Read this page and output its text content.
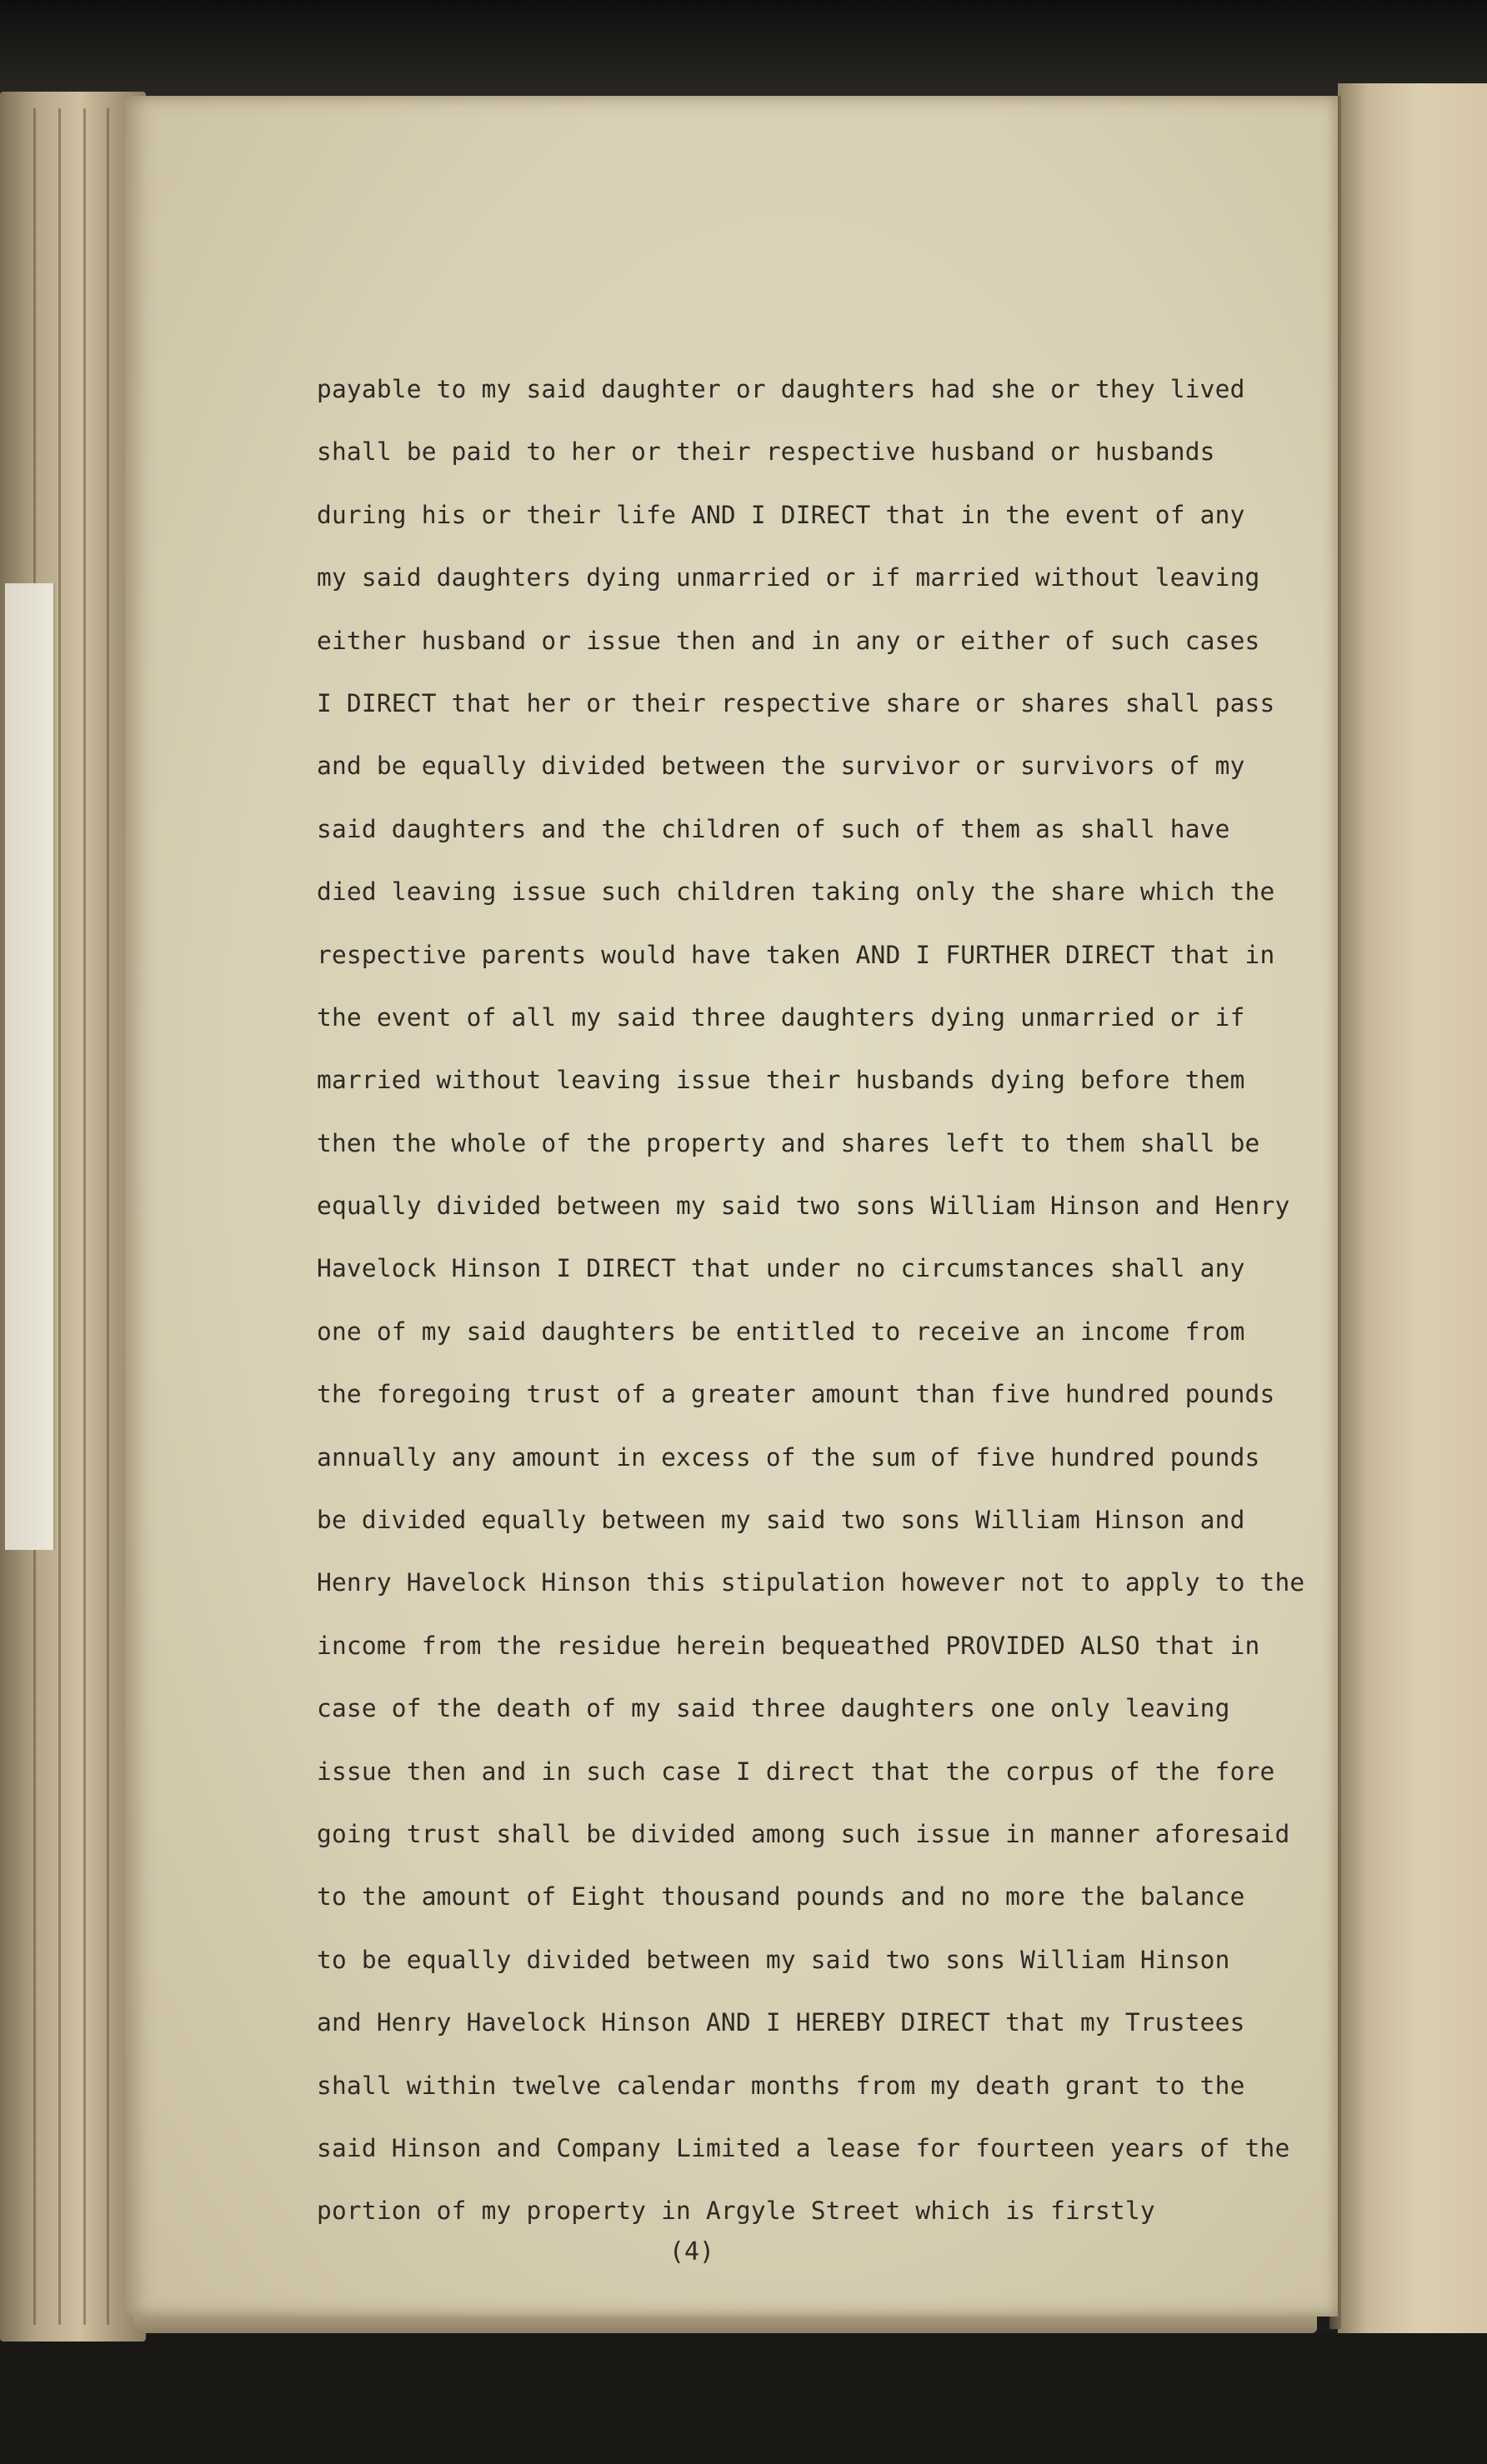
payable to my said daughter or daughters had she or they lived
shall be paid to her or their respective husband or husbands
during his or their life AND I DIRECT that in the event of any
my said daughters dying unmarried or if married without leaving
either husband or issue then and in any or either of such cases
I DIRECT that her or their respective share or shares shall pass
and be equally divided between the survivor or survivors of my
said daughters and the children of such of them as shall have
died leaving issue such children taking only the share which the
respective parents would have taken AND I FURTHER DIRECT that in
the event of all my said three daughters dying unmarried or if
married without leaving issue their husbands dying before them
then the whole of the property and shares left to them shall be
equally divided between my said two sons William Hinson and Henry
Havelock Hinson I DIRECT that under no circumstances shall any
one of my said daughters be entitled to receive an income from
the foregoing trust of a greater amount than five hundred pounds
annually any amount in excess of the sum of five hundred pounds
be divided equally between my said two sons William Hinson and
Henry Havelock Hinson this stipulation however not to apply to the
income from the residue herein bequeathed PROVIDED ALSO that in
case of the death of my said three daughters one only leaving
issue then and in such case I direct that the corpus of the fore
going trust shall be divided among such issue in manner aforesaid
to the amount of Eight thousand pounds and no more the balance
to be equally divided between my said two sons William Hinson
and Henry Havelock Hinson AND I HEREBY DIRECT that my Trustees
shall within twelve calendar months from my death grant to the
said Hinson and Company Limited a lease for fourteen years of the
portion of my property in Argyle Street which is firstly
(4)
